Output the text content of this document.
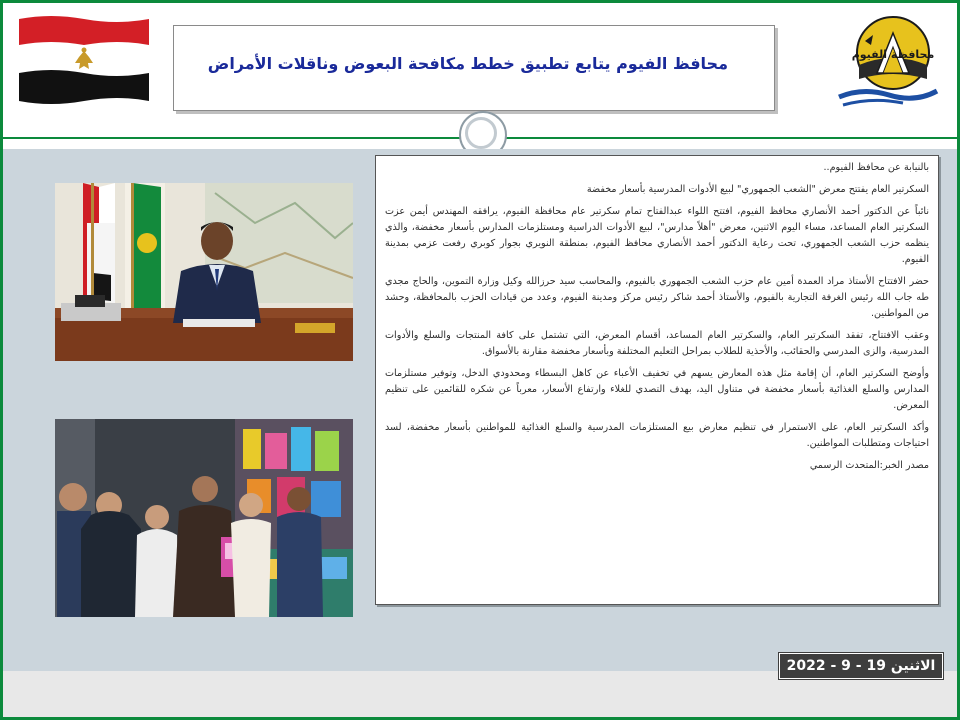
محافظ الفيوم يتابع تطبيق خطط مكافحة البعوض وناقلات الأمراض	محافظة الفيوم

بالنيابة عن محافظ الفيوم..

السكرتير العام يفتتح معرض "الشعب الجمهوري" لبيع الأدوات المدرسية بأسعار مخفضة

نائباً عن الدكتور أحمد الأنصاري محافظ الفيوم، افتتح اللواء عبدالفتاح تمام سكرتير عام محافظة الفيوم، يرافقه المهندس أيمن عزت السكرتير العام المساعد، مساء اليوم الاثنين، معرض "أهلاً مدارس"، لبيع الأدوات الدراسية ومستلزمات المدارس بأسعار مخفضة، والذي ينظمه حزب الشعب الجمهوري، تحت رعاية الدكتور أحمد الأنصاري محافظ الفيوم، بمنطقة النويري بجوار كوبري رفعت عزمي بمدينة الفيوم.

حضر الافتتاح الأستاذ مراد العمدة أمين عام حزب الشعب الجمهوري بالفيوم، والمحاسب سيد حرزالله وكيل وزارة التموين، والحاج مجدي طه جاب الله رئيس الغرفة التجارية بالفيوم، والأستاذ أحمد شاكر رئيس مركز ومدينة الفيوم، وعدد من قيادات الحزب بالمحافظة، وحشد من المواطنين.

وعقب الافتتاح، تفقد السكرتير العام، والسكرتير العام المساعد، أقسام المعرض، التي تشتمل على كافة المنتجات والسلع والأدوات المدرسية، والزى المدرسي والحقائب، والأحذية للطلاب بمراحل التعليم المختلفة وبأسعار مخفضة مقارنة بالأسواق.

وأوضح السكرتير العام، أن إقامة مثل هذه المعارض يسهم في تخفيف الأعباء عن كاهل البسطاء ومحدودي الدخل، وتوفير مستلزمات المدارس والسلع الغذائية بأسعار مخفضة في متناول اليد، بهدف التصدي للغلاء وارتفاع الأسعار، معرباً عن شكره للقائمين على تنظيم المعرض.

وأكد السكرتير العام، على الاستمرار في تنظيم معارض بيع المستلزمات المدرسية والسلع الغذائية للمواطنين بأسعار مخفضة، لسد احتياجات ومتطلبات المواطنين.

مصدر الخبر:المتحدث الرسمي

الاثنين 19 - 9 - 2022
